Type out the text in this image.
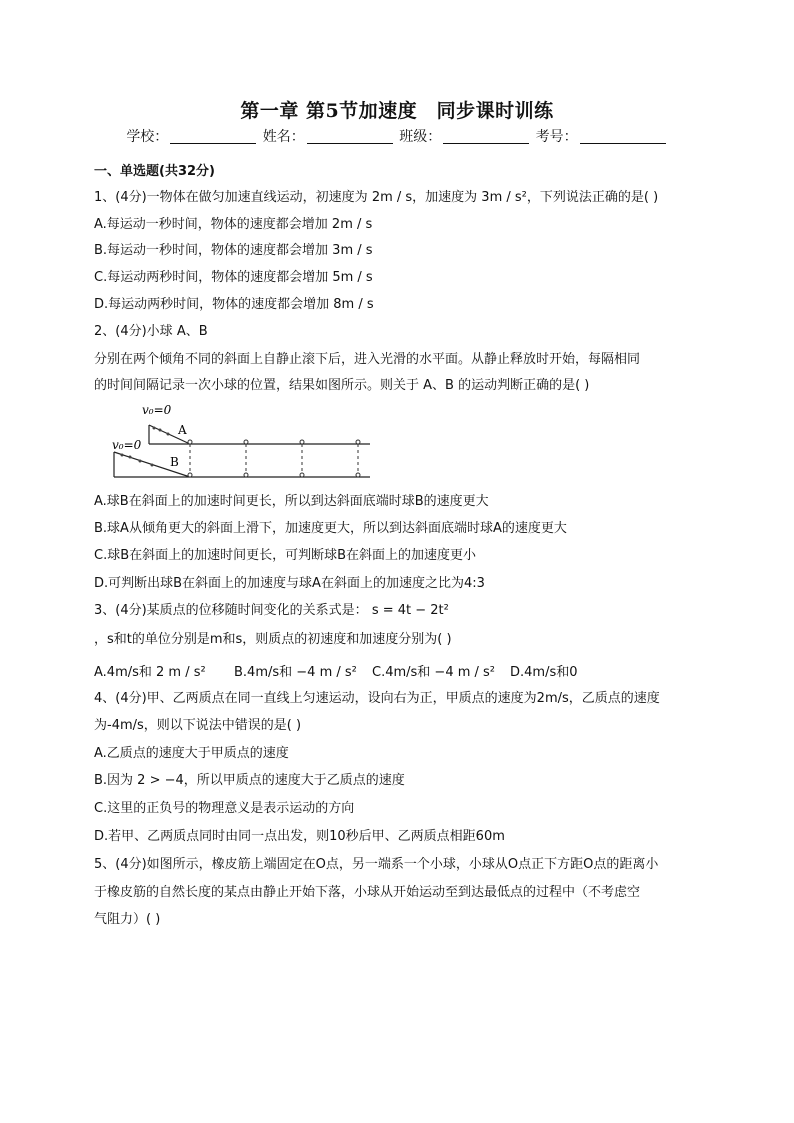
第一章 第5节加速度　同步课时训练
学校：	姓名：	班级：	考号：
一、单选题(共32分)
1、(4分)一物体在做匀加速直线运动，初速度为 2m / s，加速度为 3m / s²，下列说法正确的是( )
A.每运动一秒时间，物体的速度都会增加 2m / s
B.每运动一秒时间，物体的速度都会增加 3m / s
C.每运动两秒时间，物体的速度都会增加 5m / s
D.每运动两秒时间，物体的速度都会增加 8m / s
2、(4分)小球 A、B
分别在两个倾角不同的斜面上自静止滚下后，进入光滑的水平面。从静止释放时开始，每隔相同
的时间间隔记录一次小球的位置，结果如图所示。则关于 A、B 的运动判断正确的是( )
v₀=0
A
v₀=0
B
A.球B在斜面上的加速时间更长，所以到达斜面底端时球B的速度更大
B.球A从倾角更大的斜面上滑下，加速度更大，所以到达斜面底端时球A的速度更大
C.球B在斜面上的加速时间更长，可判断球B在斜面上的加速度更小
D.可判断出球B在斜面上的加速度与球A在斜面上的加速度之比为4:3
3、(4分)某质点的位移随时间变化的关系式是： s = 4t − 2t²
，s和t的单位分别是m和s，则质点的初速度和加速度分别为( )
A.4m/s和 2 m / s² B.4m/s和 −4 m / s² C.4m/s和 −4 m / s² D.4m/s和0
4、(4分)甲、乙两质点在同一直线上匀速运动，设向右为正，甲质点的速度为2m/s，乙质点的速度
为-4m/s，则以下说法中错误的是( )
A.乙质点的速度大于甲质点的速度
B.因为 2 > −4，所以甲质点的速度大于乙质点的速度
C.这里的正负号的物理意义是表示运动的方向
D.若甲、乙两质点同时由同一点出发，则10秒后甲、乙两质点相距60m
5、(4分)如图所示，橡皮筋上端固定在O点，另一端系一个小球，小球从O点正下方距O点的距离小
于橡皮筋的自然长度的某点由静止开始下落，小球从开始运动至到达最低点的过程中（不考虑空
气阻力）( )
